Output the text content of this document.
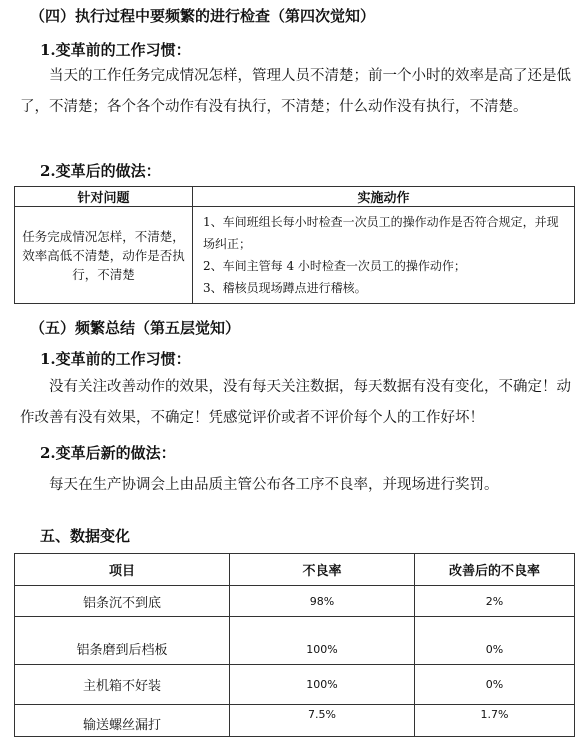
（四）执行过程中要频繁的进行检查（第四次觉知）
1.变革前的工作习惯：
当天的工作任务完成情况怎样，管理人员不清楚；前一个小时的效率是高了还是低了，不清楚；各个各个动作有没有执行，不清楚；什么动作没有执行，不清楚。
2.变革后的做法：
针对问题	实施动作
任务完成情况怎样，不清楚，效率高低不清楚，动作是否执行，不清楚	1、车间班组长每小时检查一次员工的操作动作是否符合规定，并现场纠正；
2、车间主管每 4 小时检查一次员工的操作动作；
3、稽核员现场蹲点进行稽核。
（五）频繁总结（第五层觉知）
1.变革前的工作习惯：
没有关注改善动作的效果，没有每天关注数据，每天数据有没有变化，不确定！动作改善有没有效果，不确定！凭感觉评价或者不评价每个人的工作好坏！
2.变革后新的做法：
每天在生产协调会上由品质主管公布各工序不良率，并现场进行奖罚。
五、数据变化
项目	不良率	改善后的不良率
铝条沉不到底	98%	2%
铝条磨到后档板	100%	0%
主机箱不好装	100%	0%
输送螺丝漏打	7.5%	1.7%
